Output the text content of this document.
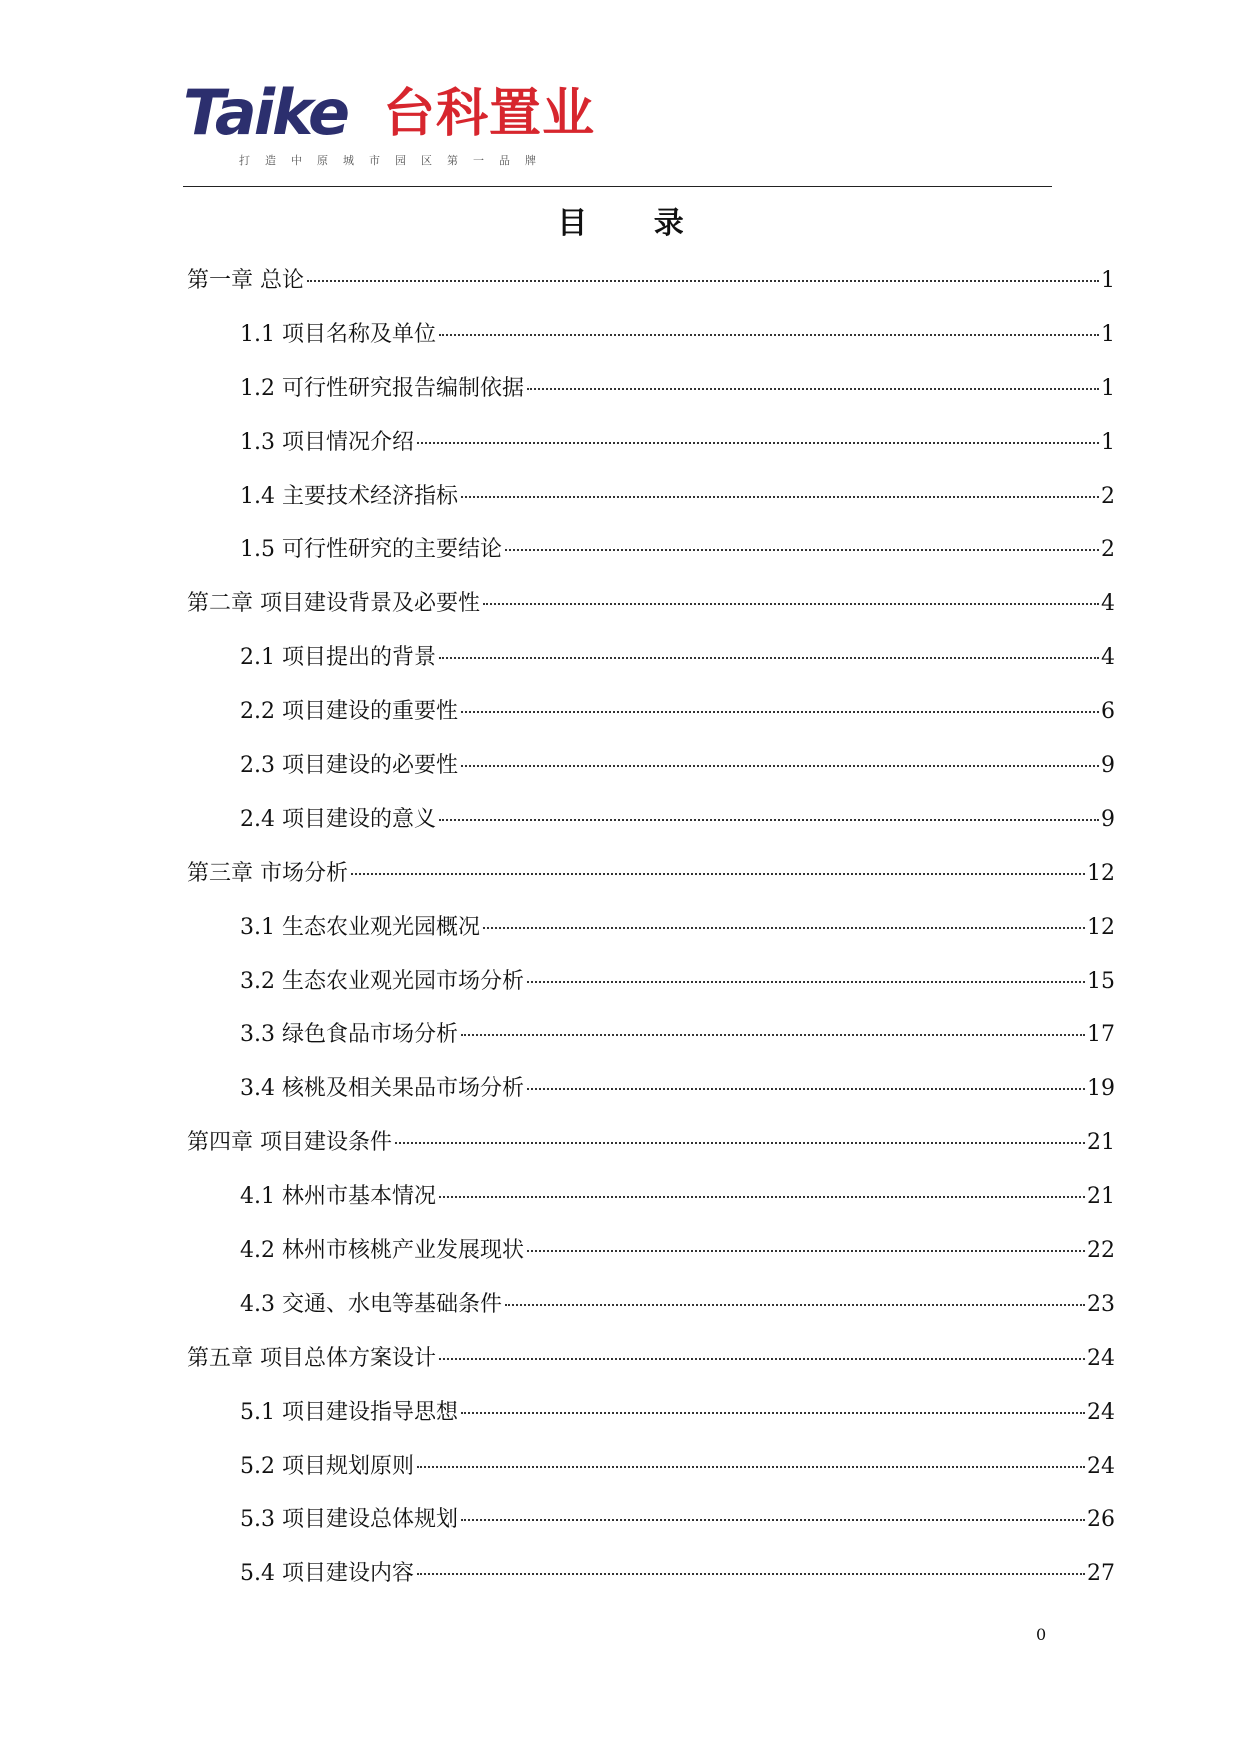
Taike 台科置业
打造中原城市园区第一品牌
目 录
第一章 总论	1
1.1 项目名称及单位	1
1.2 可行性研究报告编制依据	1
1.3 项目情况介绍	1
1.4 主要技术经济指标	2
1.5 可行性研究的主要结论	2
第二章 项目建设背景及必要性	4
2.1 项目提出的背景	4
2.2 项目建设的重要性	6
2.3 项目建设的必要性	9
2.4 项目建设的意义	9
第三章 市场分析	12
3.1 生态农业观光园概况	12
3.2 生态农业观光园市场分析	15
3.3 绿色食品市场分析	17
3.4 核桃及相关果品市场分析	19
第四章 项目建设条件	21
4.1 林州市基本情况	21
4.2 林州市核桃产业发展现状	22
4.3 交通、水电等基础条件	23
第五章 项目总体方案设计	24
5.1 项目建设指导思想	24
5.2 项目规划原则	24
5.3 项目建设总体规划	26
5.4 项目建设内容	27
0
